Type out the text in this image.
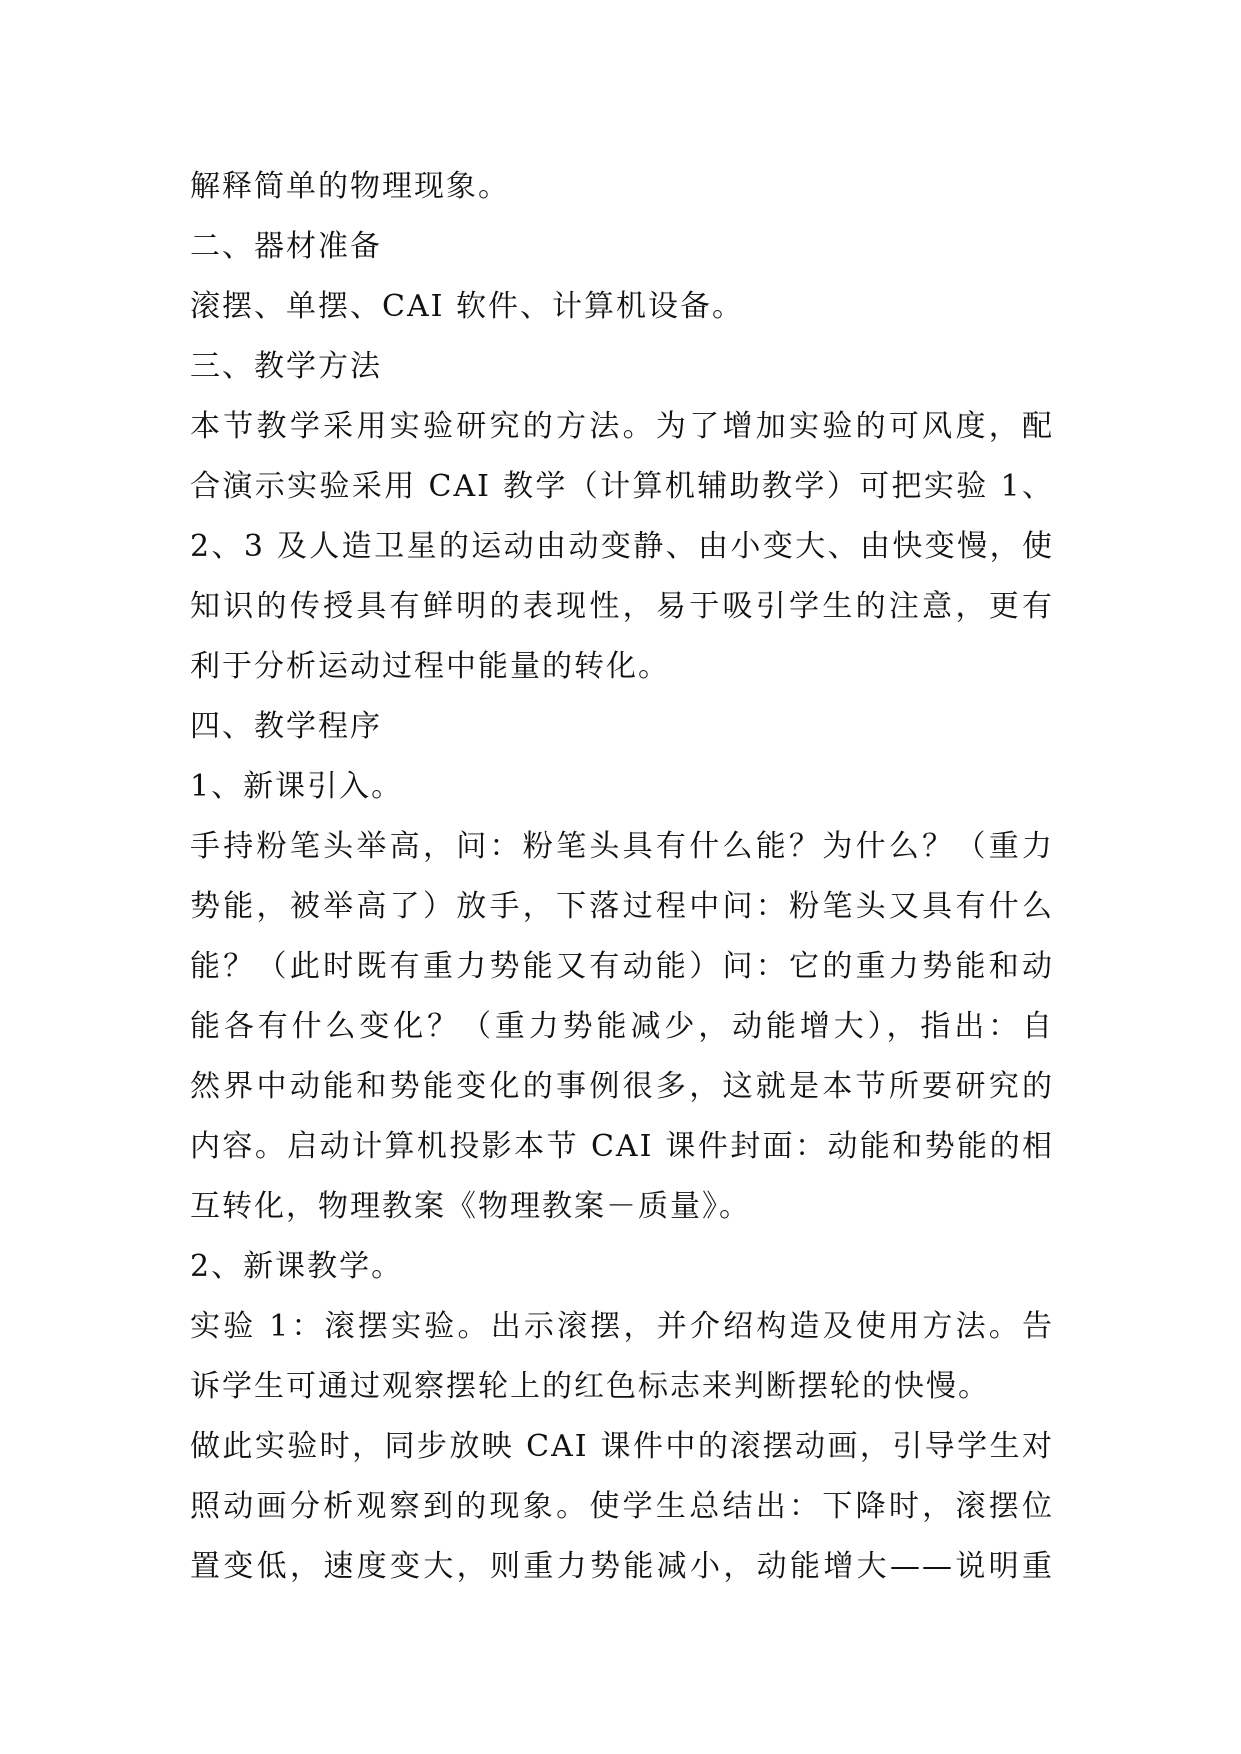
解释简单的物理现象。
二、器材准备
滚摆、单摆、CAI 软件、计算机设备。
三、教学方法
本节教学采用实验研究的方法。为了增加实验的可风度，配
合演示实验采用 CAI 教学（计算机辅助教学）可把实验 1、
2、3 及人造卫星的运动由动变静、由小变大、由快变慢，使
知识的传授具有鲜明的表现性，易于吸引学生的注意，更有
利于分析运动过程中能量的转化。
四、教学程序
1、新课引入。
手持粉笔头举高，问：粉笔头具有什么能？为什么？（重力
势能，被举高了）放手，下落过程中问：粉笔头又具有什么
能？（此时既有重力势能又有动能）问：它的重力势能和动
能各有什么变化？（重力势能减少，动能增大），指出：自
然界中动能和势能变化的事例很多，这就是本节所要研究的
内容。启动计算机投影本节 CAI 课件封面：动能和势能的相
互转化，物理教案《物理教案－质量》。
2、新课教学。
实验 1：滚摆实验。出示滚摆，并介绍构造及使用方法。告
诉学生可通过观察摆轮上的红色标志来判断摆轮的快慢。
做此实验时，同步放映 CAI 课件中的滚摆动画，引导学生对
照动画分析观察到的现象。使学生总结出：下降时，滚摆位
置变低，速度变大，则重力势能减小，动能增大——说明重
